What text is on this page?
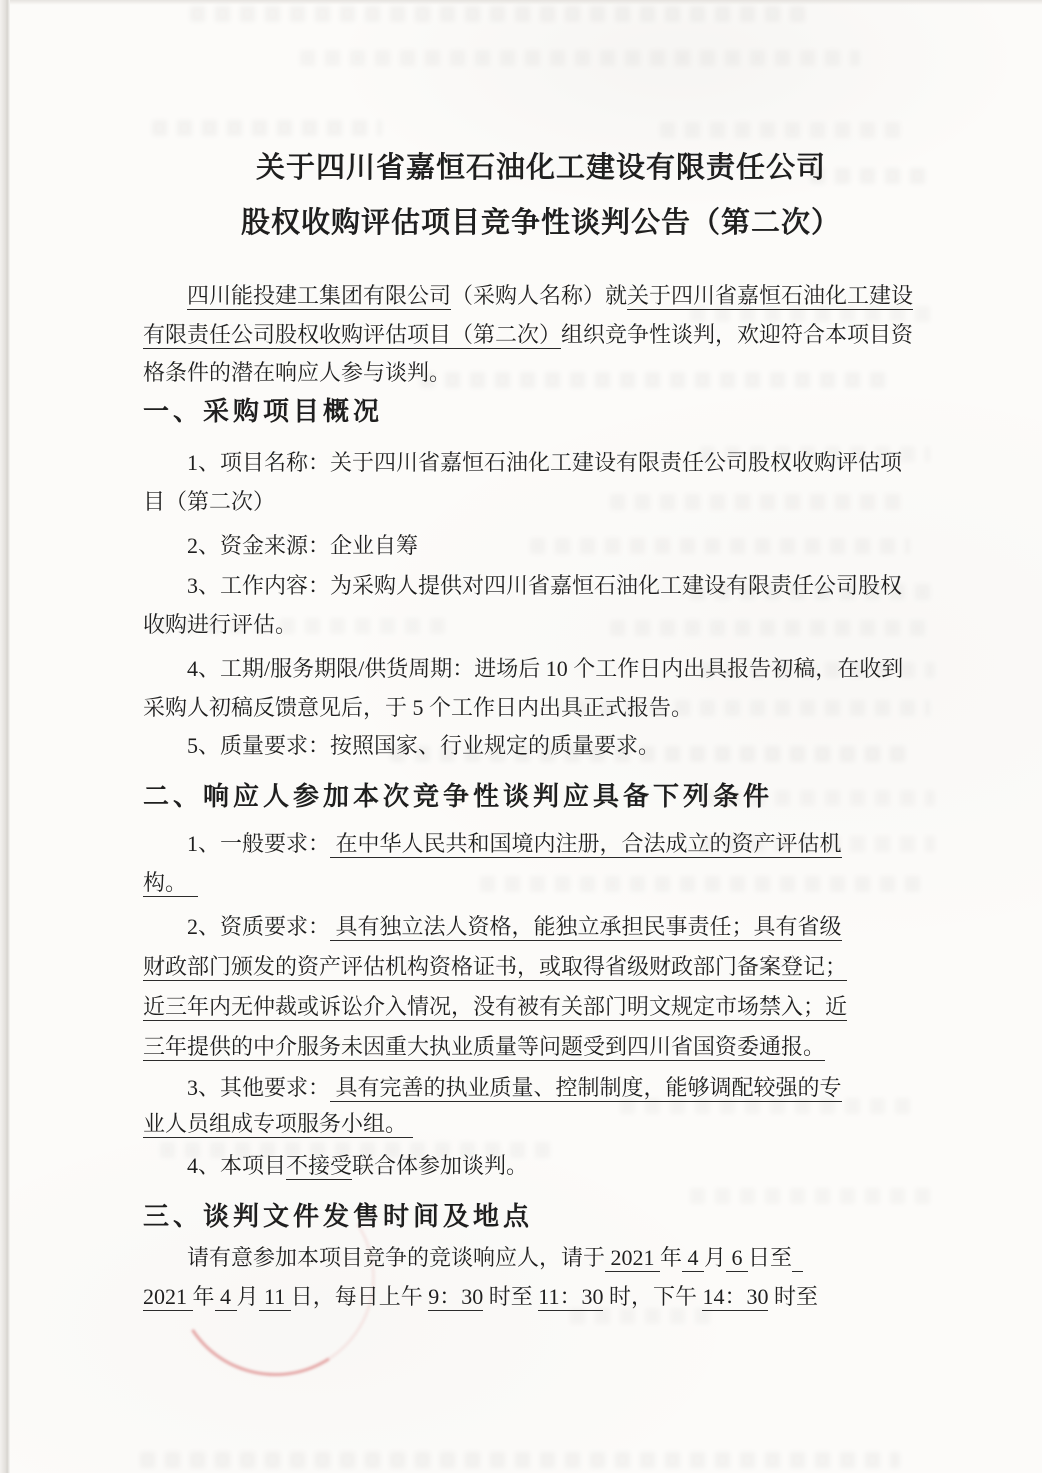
关于四川省嘉恒石油化工建设有限责任公司
股权收购评估项目竞争性谈判公告（第二次）
四川能投建工集团有限公司（采购人名称）就关于四川省嘉恒石油化工建设
有限责任公司股权收购评估项目（第二次）组织竞争性谈判，欢迎符合本项目资
格条件的潜在响应人参与谈判。
一、采购项目概况
1、项目名称：关于四川省嘉恒石油化工建设有限责任公司股权收购评估项
目（第二次）
2、资金来源：企业自筹
3、工作内容：为采购人提供对四川省嘉恒石油化工建设有限责任公司股权
收购进行评估。
4、工期/服务期限/供货周期：进场后 10 个工作日内出具报告初稿，在收到
采购人初稿反馈意见后，于 5 个工作日内出具正式报告。
5、质量要求：按照国家、行业规定的质量要求。
二、响应人参加本次竞争性谈判应具备下列条件
1、一般要求： 在中华人民共和国境内注册，合法成立的资产评估机
构。
2、资质要求： 具有独立法人资格，能独立承担民事责任；具有省级
财政部门颁发的资产评估机构资格证书，或取得省级财政部门备案登记；
近三年内无仲裁或诉讼介入情况，没有被有关部门明文规定市场禁入；近
三年提供的中介服务未因重大执业质量等问题受到四川省国资委通报。
3、其他要求： 具有完善的执业质量、控制制度，能够调配较强的专
业人员组成专项服务小组。
4、本项目不接受联合体参加谈判。
三、谈判文件发售时间及地点
请有意参加本项目竞争的竞谈响应人，请于 2021 年 4 月 6 日至
2021 年 4 月 11 日，每日上午 9：30 时至 11：30 时，下午 14：30 时至
